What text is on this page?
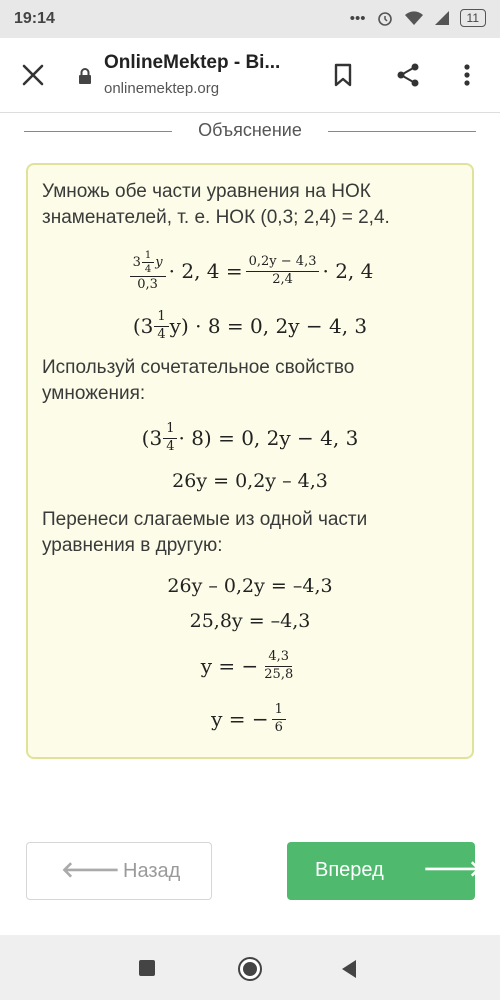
19:14	•••	11
OnlineMektep - Bi...
onlinemektep.org
Объяснение

Умножь обе части уравнения на НОК знаменателей, т. е. НОК (0,3; 2,4) = 2,4.

$\frac{3 \frac{1}{4} y}{0,3} \cdot 2$, $4 = \frac{0,2y - 4,3}{2,4} \cdot 2$, 4
$(3 \frac{1}{4} y) \cdot 8 = 0$, 2y − 4, 3

Используй сочетательное свойство умножения:

$(3 \frac{1}{4} \cdot 8) = 0$, 2y − 4, 3
26y = 0,2y – 4,3

Перенеси слагаемые из одной части уравнения в другую:

26y – 0,2y = –4,3
25,8y = –4,3
y = − $\frac{4,3}{25,8}$
y = − $\frac{1}{6}$
🡐 Назад	Вперед 🡒
